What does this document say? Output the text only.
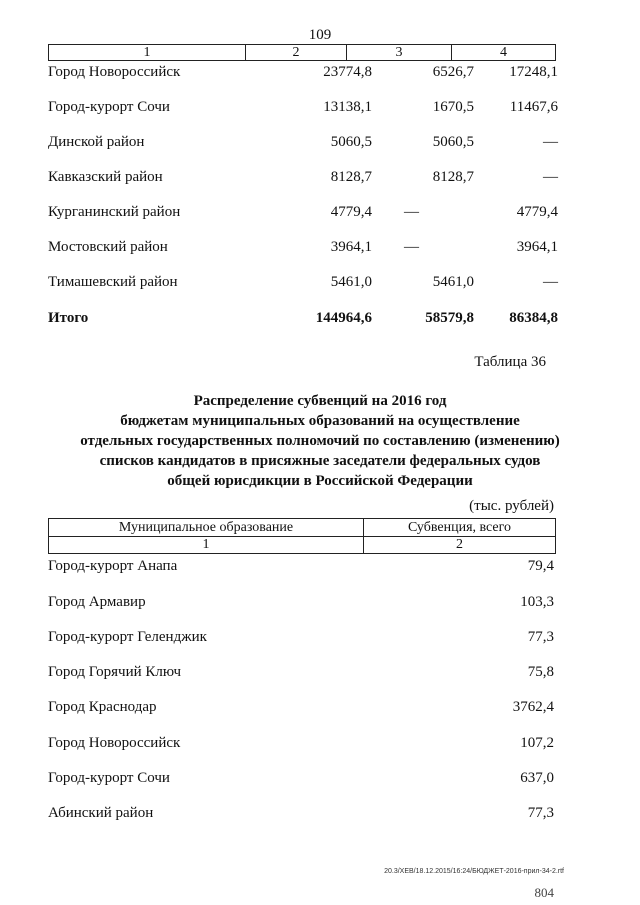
109
1	2	3	4
Город Новороссийск	23774,8	6526,7 17248,1
Город-курорт Сочи	13138,1	1670,5 11467,6
Динской район	5060,5	5060,5	—
Кавказский район	8128,7	8128,7	—
Курганинский район	4779,4 —	4779,4
Мостовский район	3964,1 —	3964,1
Тимашевский район	5461,0	5461,0	—
Итого	144964,6	58579,8 86384,8
Таблица 36
Распределение субвенций на 2016 год
бюджетам муниципальных образований на осуществление
отдельных государственных полномочий по составлению (изменению)
списков кандидатов в присяжные заседатели федеральных судов
общей юрисдикции в Российской Федерации
(тыс. рублей)
Муниципальное образование	Субвенция, всего
1	2
Город-курорт Анапа	79,4
Город Армавир	103,3
Город-курорт Геленджик	77,3
Город Горячий Ключ	75,8
Город Краснодар	3762,4
Город Новороссийск	107,2
Город-курорт Сочи	637,0
Абинский район	77,3
20.3/ХЕВ/18.12.2015/16:24/БЮДЖЕТ-2016-прил-34-2.rtf
804
